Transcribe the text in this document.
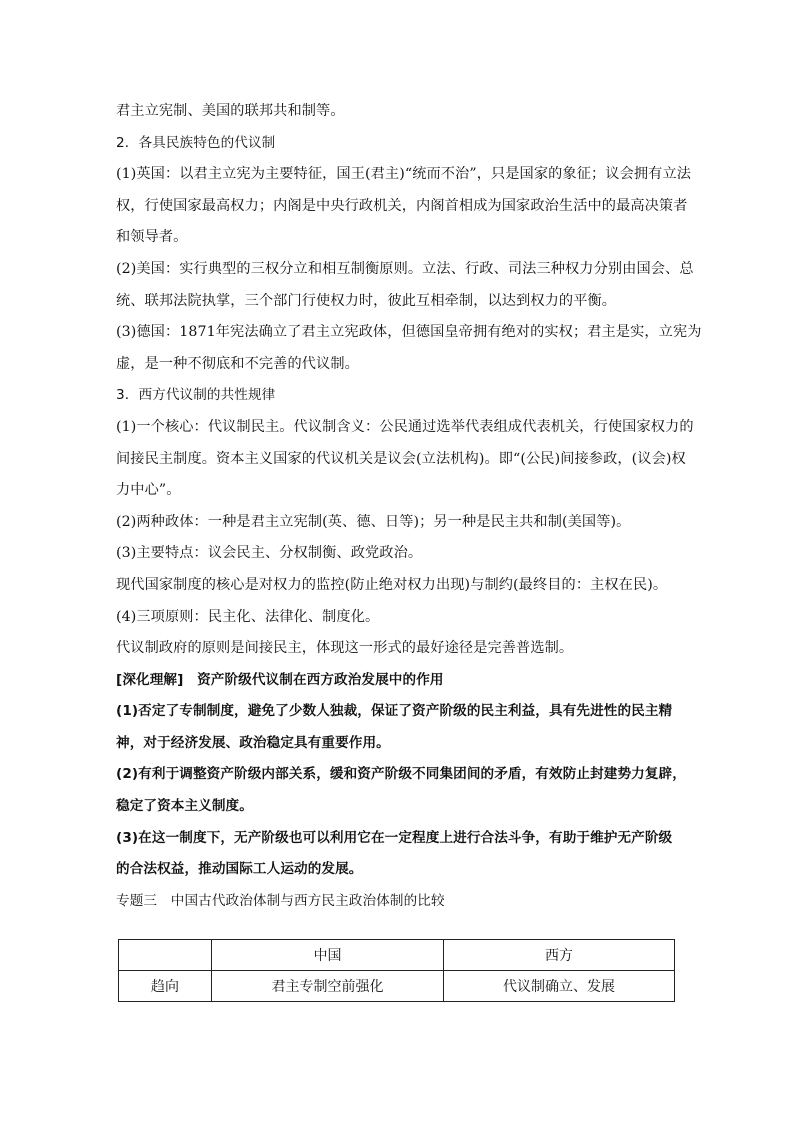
君主立宪制、美国的联邦共和制等。
2．各具民族特色的代议制
(1)英国：以君主立宪为主要特征，国王(君主)“统而不治”，只是国家的象征；议会拥有立法
权，行使国家最高权力；内阁是中央行政机关，内阁首相成为国家政治生活中的最高决策者
和领导者。
(2)美国：实行典型的三权分立和相互制衡原则。立法、行政、司法三种权力分别由国会、总
统、联邦法院执掌，三个部门行使权力时，彼此互相牵制，以达到权力的平衡。
(3)德国：1871年宪法确立了君主立宪政体，但德国皇帝拥有绝对的实权；君主是实，立宪为
虚，是一种不彻底和不完善的代议制。
3．西方代议制的共性规律
(1)一个核心：代议制民主。代议制含义：公民通过选举代表组成代表机关，行使国家权力的
间接民主制度。资本主义国家的代议机关是议会(立法机构)。即“(公民)间接参政，(议会)权
力中心”。
(2)两种政体：一种是君主立宪制(英、德、日等)；另一种是民主共和制(美国等)。
(3)主要特点：议会民主、分权制衡、政党政治。
现代国家制度的核心是对权力的监控(防止绝对权力出现)与制约(最终目的：主权在民)。
(4)三项原则：民主化、法律化、制度化。
代议制政府的原则是间接民主，体现这一形式的最好途径是完善普选制。
[深化理解]　资产阶级代议制在西方政治发展中的作用
(1)否定了专制制度，避免了少数人独裁，保证了资产阶级的民主利益，具有先进性的民主精
神，对于经济发展、政治稳定具有重要作用。
(2)有利于调整资产阶级内部关系，缓和资产阶级不同集团间的矛盾，有效防止封建势力复辟，
稳定了资本主义制度。
(3)在这一制度下，无产阶级也可以利用它在一定程度上进行合法斗争，有助于维护无产阶级
的合法权益，推动国际工人运动的发展。
专题三　中国古代政治体制与西方民主政治体制的比较
	中国	西方
趋向	君主专制空前强化	代议制确立、发展
